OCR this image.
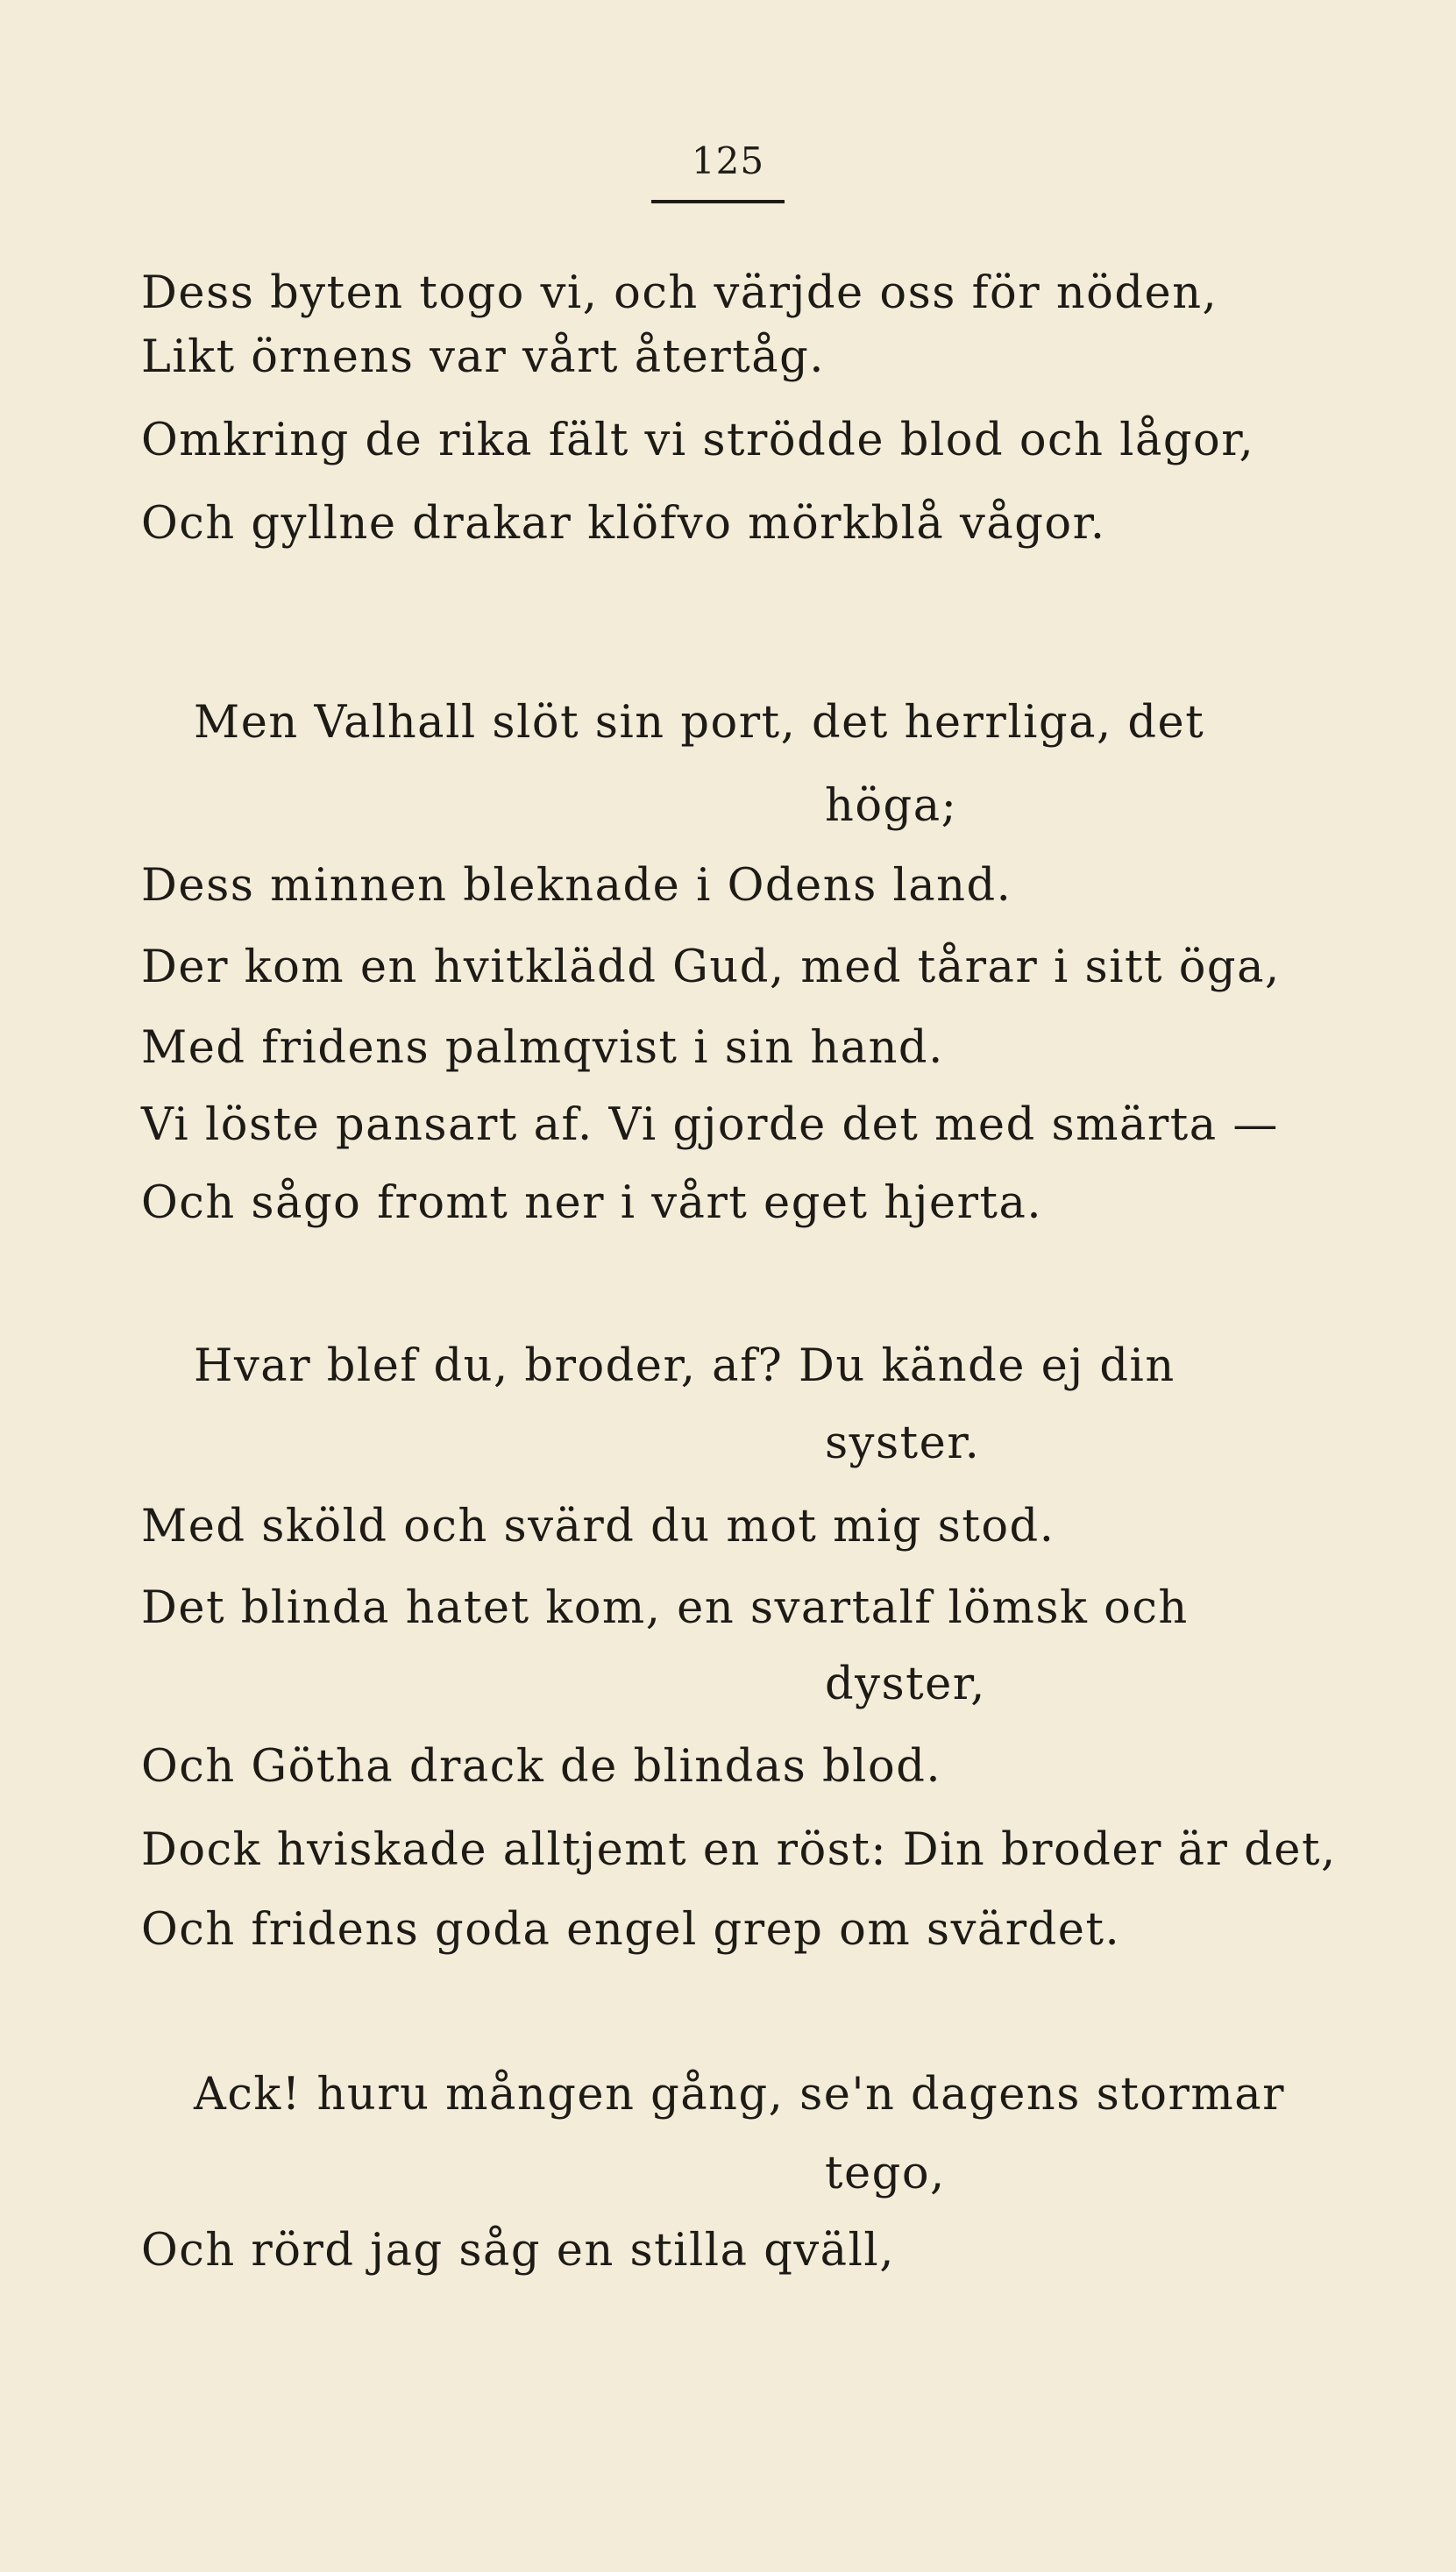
125
Dess byten togo vi, och värjde oss för nöden,
Likt örnens var vårt återtåg.
Omkring de rika fält vi strödde blod och lågor,
Och gyllne drakar klöfvo mörkblå vågor.
Men Valhall slöt sin port, det herrliga, det
höga;
Dess minnen bleknade i Odens land.
Der kom en hvitklädd Gud, med tårar i sitt öga,
Med fridens palmqvist i sin hand.
Vi löste pansart af. Vi gjorde det med smärta —
Och sågo fromt ner i vårt eget hjerta.
Hvar blef du, broder, af? Du kände ej din
syster.
Med sköld och svärd du mot mig stod.
Det blinda hatet kom, en svartalf lömsk och
dyster,
Och Götha drack de blindas blod.
Dock hviskade alltjemt en röst: Din broder är det,
Och fridens goda engel grep om svärdet.
Ack! huru mången gång, se'n dagens stormar
tego,
Och rörd jag såg en stilla qväll,
